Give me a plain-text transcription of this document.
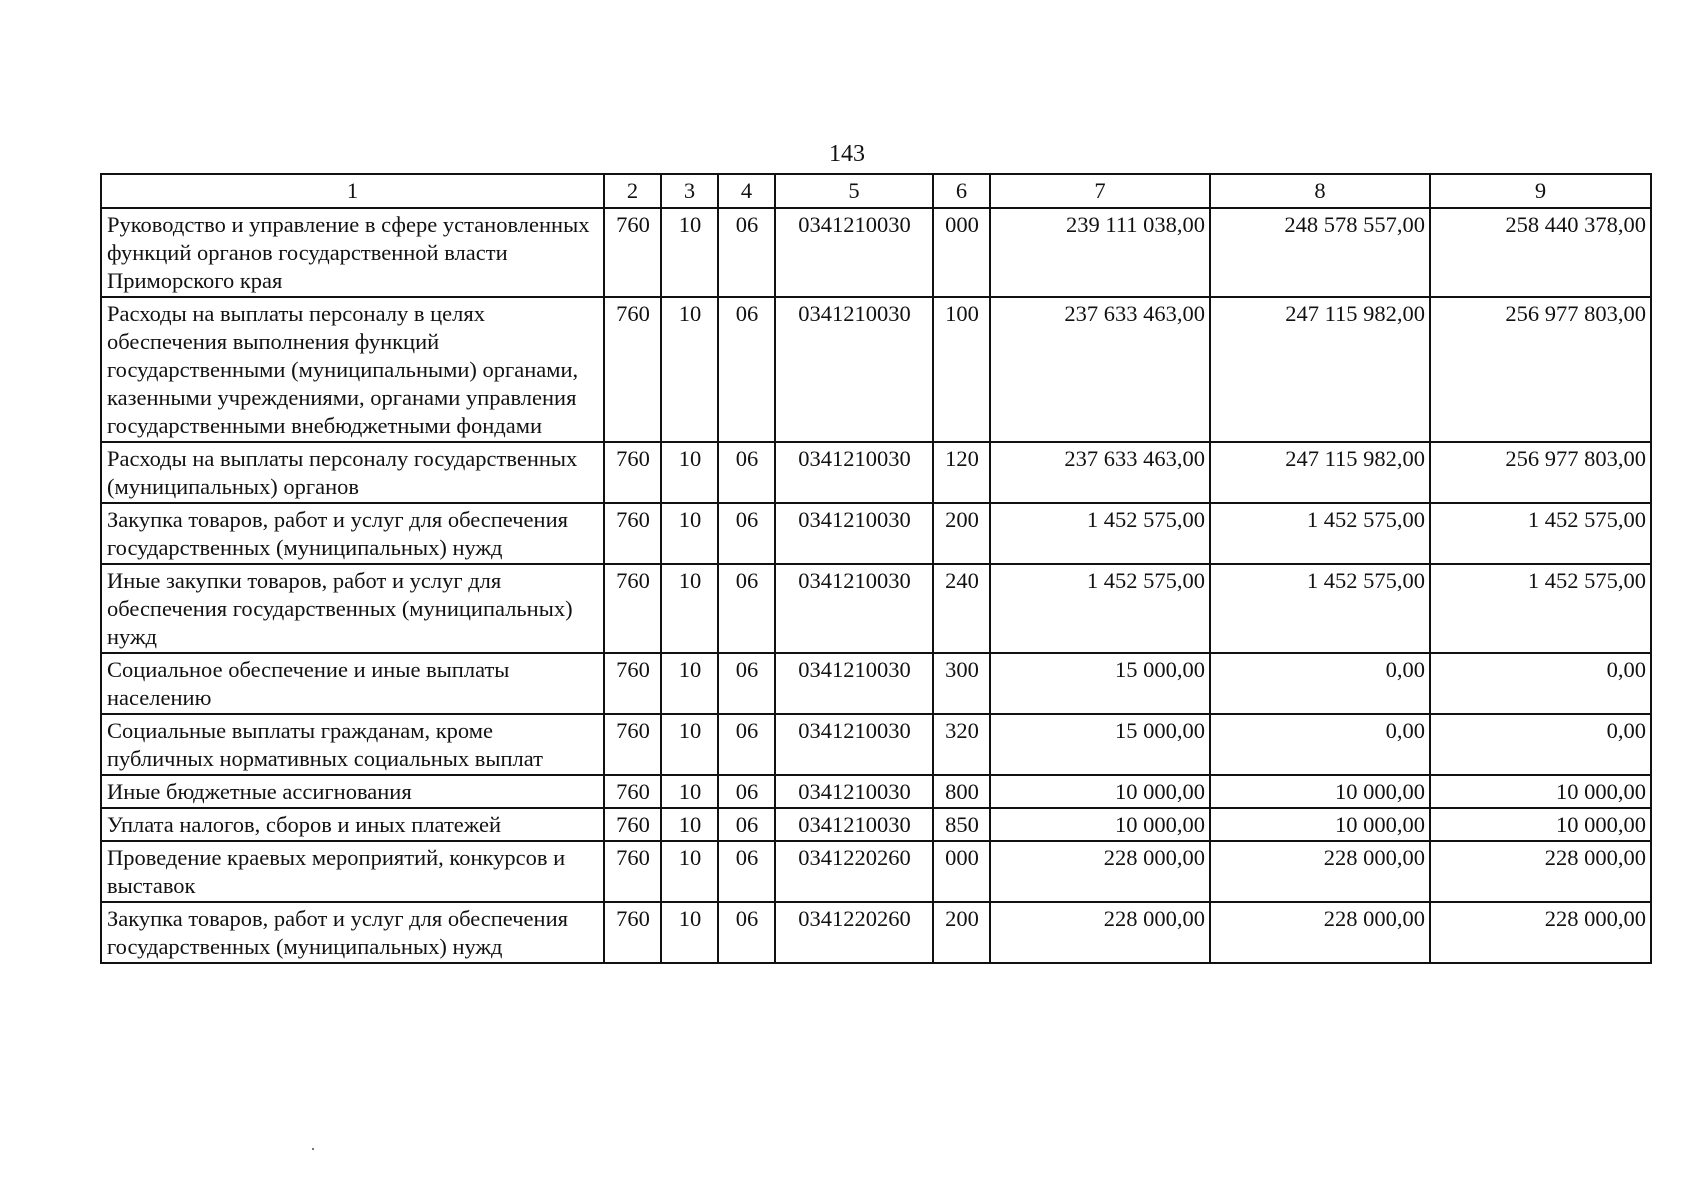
143
1	2	3	4	5	6	7	8	9
Руководство и управление в сфере установленных функций органов государственной власти Приморского края	760	10	06	0341210030	000	239 111 038,00	248 578 557,00	258 440 378,00
Расходы на выплаты персоналу в целях обеспечения выполнения функций государственными (муниципальными) органами, казенными учреждениями, органами управления государственными внебюджетными фондами	760	10	06	0341210030	100	237 633 463,00	247 115 982,00	256 977 803,00
Расходы на выплаты персоналу государственных (муниципальных) органов	760	10	06	0341210030	120	237 633 463,00	247 115 982,00	256 977 803,00
Закупка товаров, работ и услуг для обеспечения государственных (муниципальных) нужд	760	10	06	0341210030	200	1 452 575,00	1 452 575,00	1 452 575,00
Иные закупки товаров, работ и услуг для обеспечения государственных (муниципальных) нужд	760	10	06	0341210030	240	1 452 575,00	1 452 575,00	1 452 575,00
Социальное обеспечение и иные выплаты населению	760	10	06	0341210030	300	15 000,00	0,00	0,00
Социальные выплаты гражданам, кроме публичных нормативных социальных выплат	760	10	06	0341210030	320	15 000,00	0,00	0,00
Иные бюджетные ассигнования	760	10	06	0341210030	800	10 000,00	10 000,00	10 000,00
Уплата налогов, сборов и иных платежей	760	10	06	0341210030	850	10 000,00	10 000,00	10 000,00
Проведение краевых мероприятий, конкурсов и выставок	760	10	06	0341220260	000	228 000,00	228 000,00	228 000,00
Закупка товаров, работ и услуг для обеспечения государственных (муниципальных) нужд	760	10	06	0341220260	200	228 000,00	228 000,00	228 000,00
